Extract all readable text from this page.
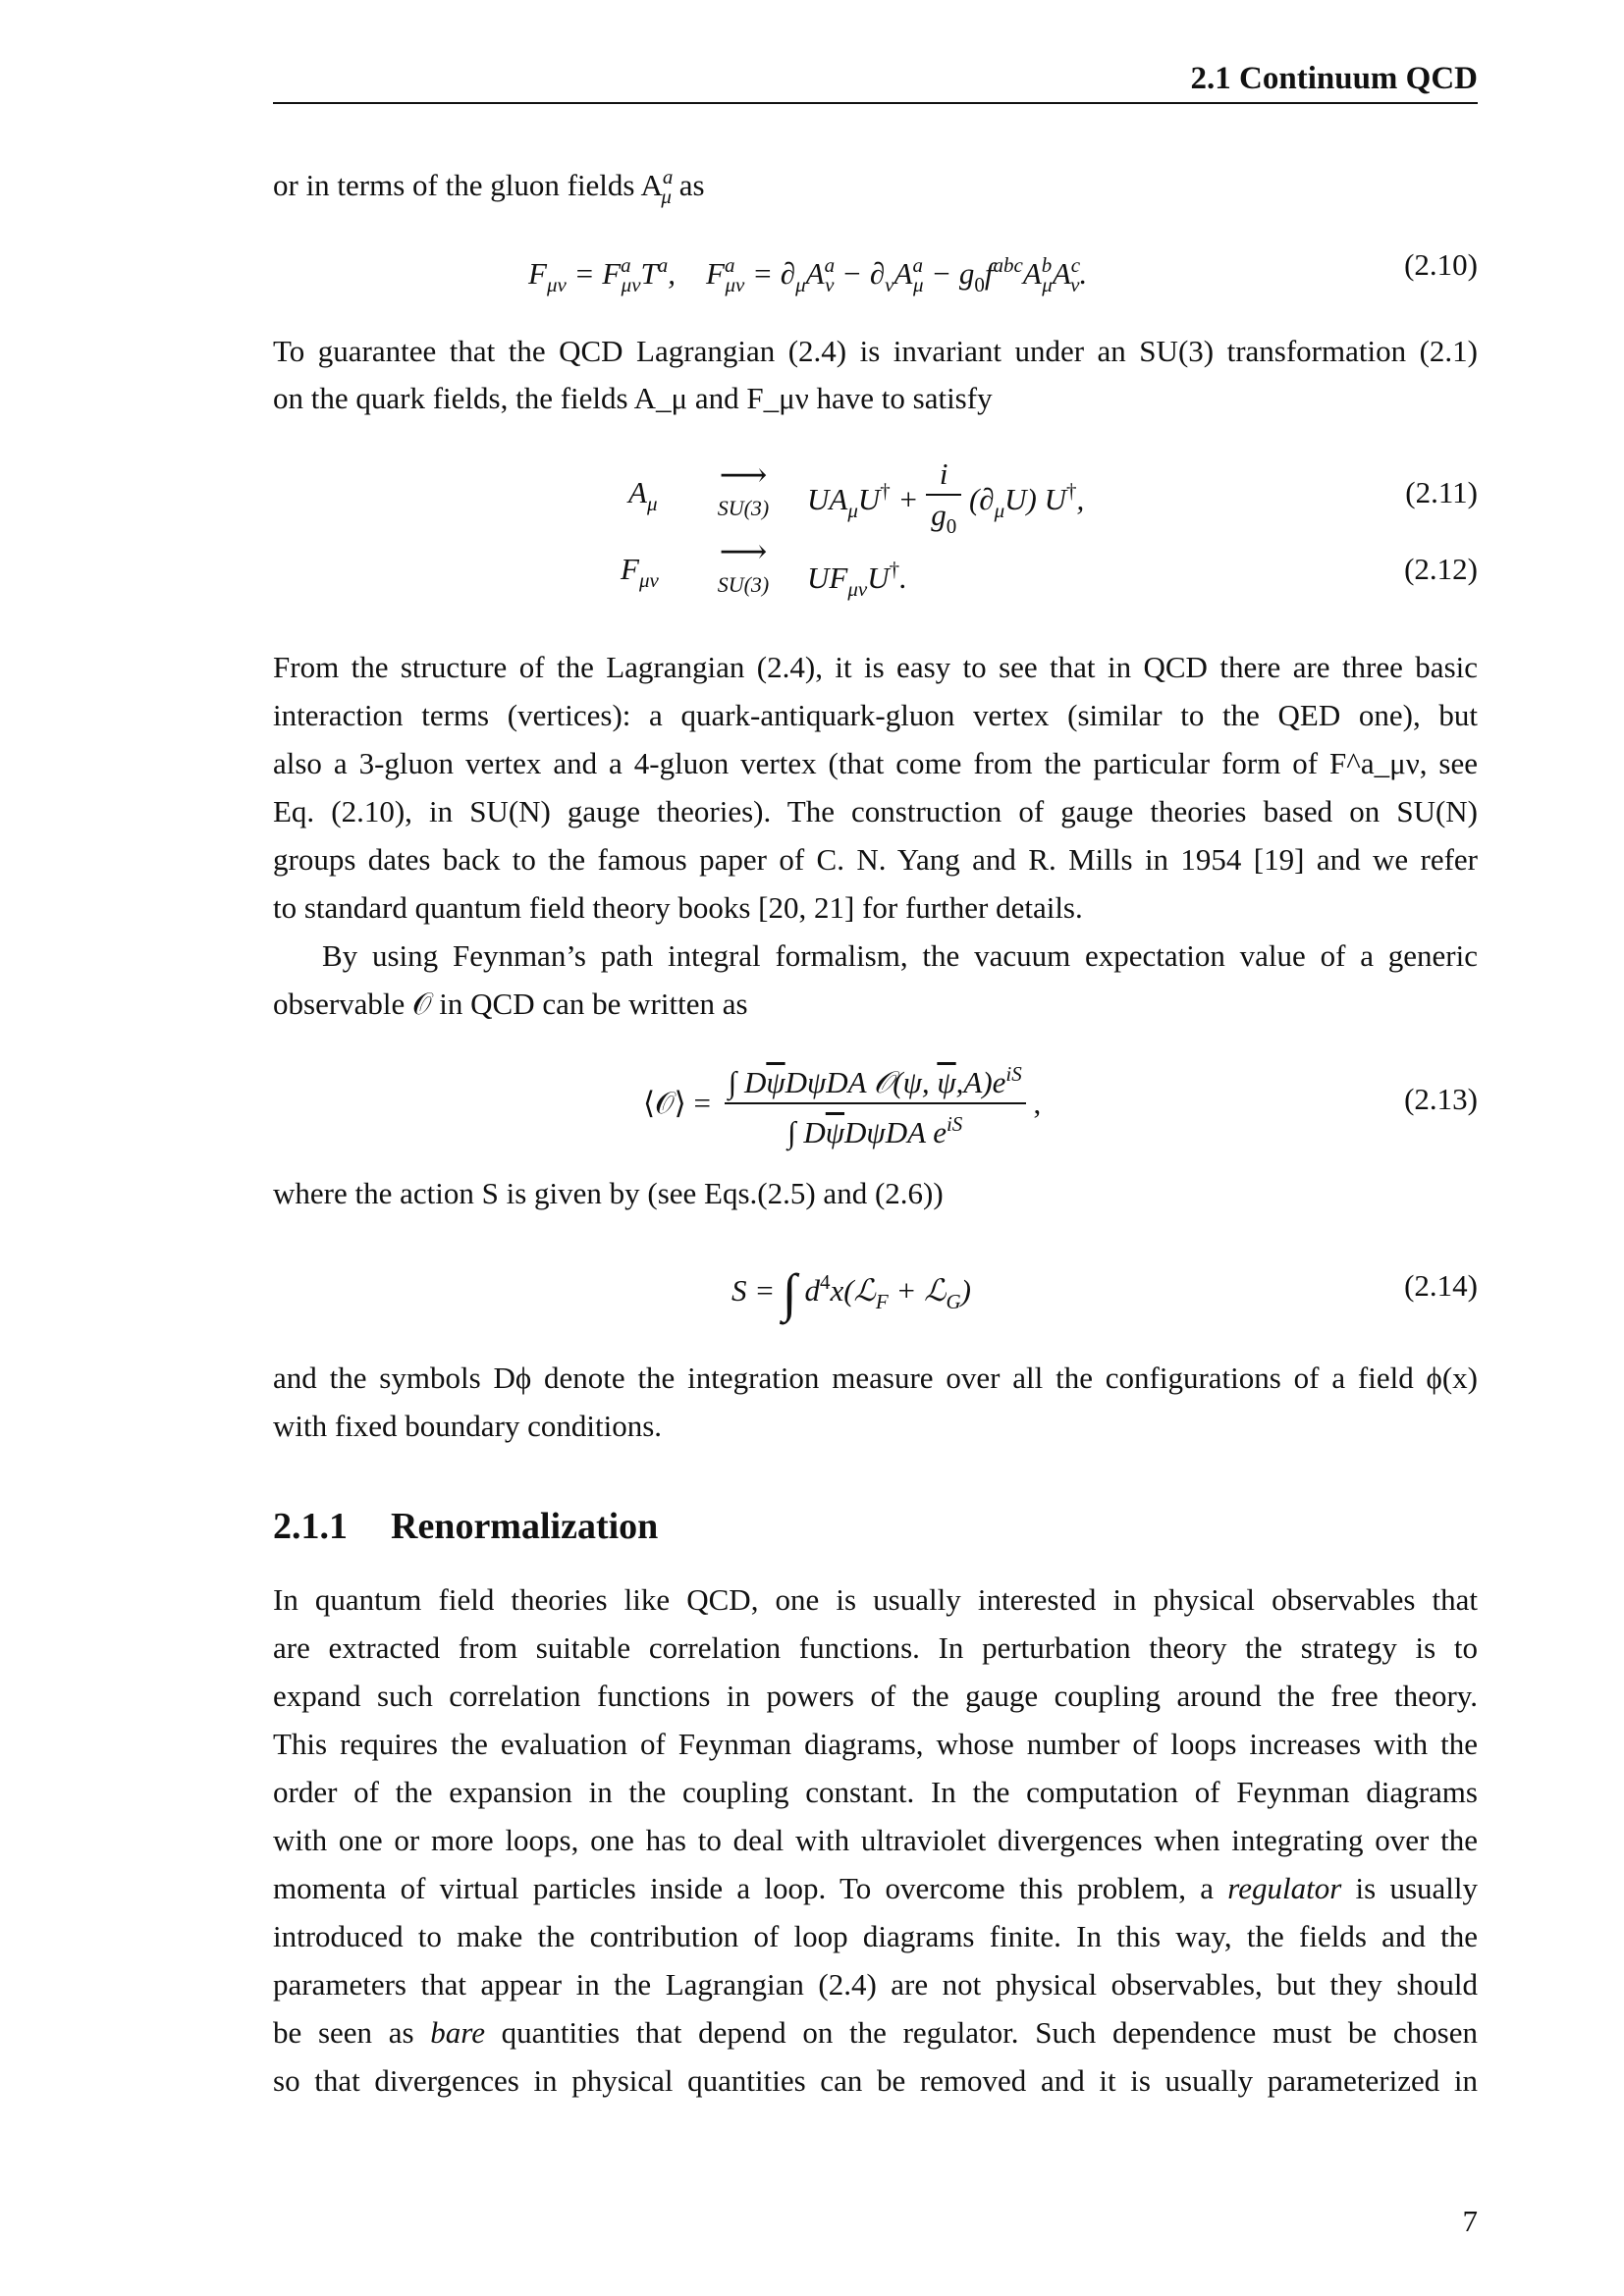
2.1 Continuum QCD
or in terms of the gluon fields $A^a_\mu$ as
$F_{\mu\nu} = F^a_{\mu\nu}T^a$,    $F^a_{\mu\nu} = \partial_\mu A^a_\nu - \partial_\nu A^a_\mu - g_0f^{abc}A^b_\mu A^c_\nu$.	(2.10)
To guarantee that the QCD Lagrangian (2.4) is invariant under an SU(3) transformation (2.1)
on the quark fields, the fields A_μ and F_μν have to satisfy
$A_\mu$
⟶
SU(3)	$UA_\mu U^\dagger + \frac{i}{g_0} (\partial_\mu U)$ U†,	(2.11)
$F_{\mu\nu}$
⟶
SU(3)	$UF_{\mu\nu}U^\dagger$.	(2.12)
From the structure of the Lagrangian (2.4), it is easy to see that in QCD there are three basic
interaction terms (vertices): a quark-antiquark-gluon vertex (similar to the QED one), but
also a 3-gluon vertex and a 4-gluon vertex (that come from the particular form of F^a_μν, see
Eq. (2.10), in SU(N) gauge theories). The construction of gauge theories based on SU(N)
groups dates back to the famous paper of C. N. Yang and R. Mills in 1954 [19] and we refer
to standard quantum field theory books [20, 21] for further details.
By using Feynman’s path integral formalism, the vacuum expectation value of a generic
observable 𝒪 in QCD can be written as
⟨𝒪⟩ = $\frac{\int D\overline{\psi}D\psi DA 𝒪(\psi, \overline{\psi},A)e^{iS}}{\int D\overline{\psi}D\psi DA e^{iS}}$ ,	(2.13)
where the action S is given by (see Eqs.(2.5) and (2.6))
S = ∫ $d^4x(ℒ_F$ + ℒ$_G$)	(2.14)
and the symbols Dϕ denote the integration measure over all the configurations of a field ϕ(x)
with fixed boundary conditions.
2.1.1 Renormalization
In quantum field theories like QCD, one is usually interested in physical observables that
are extracted from suitable correlation functions. In perturbation theory the strategy is to
expand such correlation functions in powers of the gauge coupling around the free theory.
This requires the evaluation of Feynman diagrams, whose number of loops increases with the
order of the expansion in the coupling constant. In the computation of Feynman diagrams
with one or more loops, one has to deal with ultraviolet divergences when integrating over the
momenta of virtual particles inside a loop. To overcome this problem, a regulator is usually
introduced to make the contribution of loop diagrams finite. In this way, the fields and the
parameters that appear in the Lagrangian (2.4) are not physical observables, but they should
be seen as bare quantities that depend on the regulator. Such dependence must be chosen
so that divergences in physical quantities can be removed and it is usually parameterized in
7
